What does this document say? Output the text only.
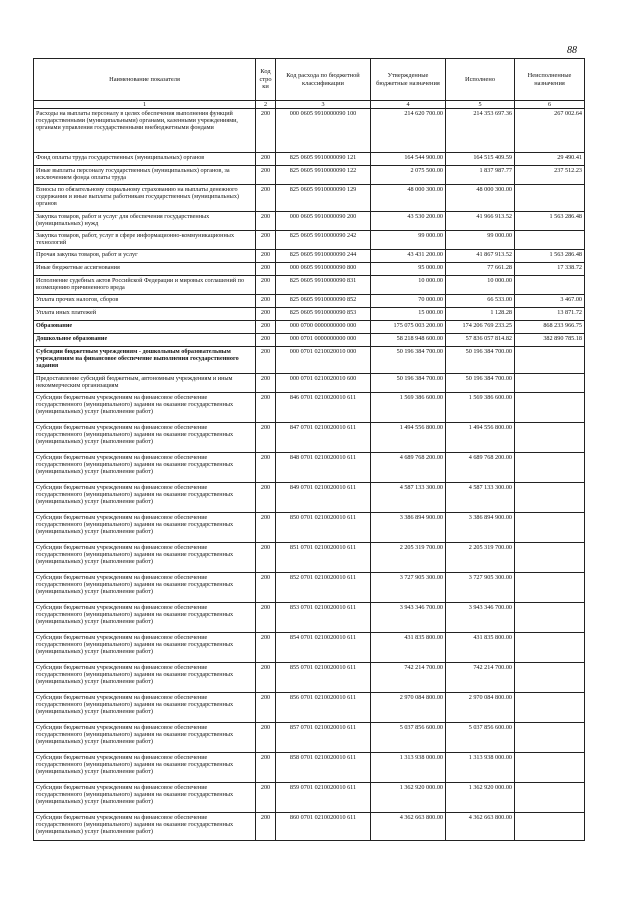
88
Наименование показателя	Код строки	Код расхода по бюджетной классификации	Утвержденные бюджетные назначения	Исполнено	Неисполненные назначения
1	2	3	4	5	6
Расходы на выплаты персоналу в целях обеспечения выполнения функций государственными (муниципальными) органами, казенными учреждениями, органами управления государственными внебюджетными фондами	200	000 0605 9910000090 100	214 620 700.00	214 353 697.36	267 002.64
Фонд оплаты труда государственных (муниципальных) органов	200	825 0605 9910000090 121	164 544 900.00	164 515 409.59	29 490.41
Иные выплаты персоналу государственных (муниципальных) органов, за исключением фонда оплаты труда	200	825 0605 9910000090 122	2 075 500.00	1 837 987.77	237 512.23
Взносы по обязательному социальному страхованию на выплаты денежного содержания и иные выплаты работникам государственных (муниципальных) органов	200	825 0605 9910000090 129	48 000 300.00	48 000 300.00	
Закупка товаров, работ и услуг для обеспечения государственных (муниципальных) нужд	200	000 0605 9910000090 200	43 530 200.00	41 966 913.52	1 563 286.48
Закупка товаров, работ, услуг в сфере информационно-коммуникационных технологий	200	825 0605 9910000090 242	99 000.00	99 000.00	
Прочая закупка товаров, работ и услуг	200	825 0605 9910000090 244	43 431 200.00	41 867 913.52	1 563 286.48
Иные бюджетные ассигнования	200	000 0605 9910000090 800	95 000.00	77 661.28	17 338.72
Исполнение судебных актов Российской Федерации и мировых соглашений по возмещению причиненного вреда	200	825 0605 9910000090 831	10 000.00	10 000.00	
Уплата прочих налогов, сборов	200	825 0605 9910000090 852	70 000.00	66 533.00	3 467.00
Уплата иных платежей	200	825 0605 9910000090 853	15 000.00	1 128.28	13 871.72
Образование	200	000 0700 0000000000 000	175 075 003 200.00	174 206 769 233.25	868 233 966.75
Дошкольное образование	200	000 0701 0000000000 000	58 218 948 600.00	57 836 057 814.82	382 890 785.18
Субсидии бюджетным учреждениям - дошкольным образовательным учреждениям на финансовое обеспечение выполнения государственного задания	200	000 0701 0210020010 000	50 196 384 700.00	50 196 384 700.00	
Предоставление субсидий бюджетным, автономным учреждениям и иным некоммерческим организациям	200	000 0701 0210020010 600	50 196 384 700.00	50 196 384 700.00	
Субсидии бюджетным учреждениям на финансовое обеспечение государственного (муниципального) задания на оказание государственных (муниципальных) услуг (выполнение работ)	200	846 0701 0210020010 611	1 569 386 600.00	1 569 386 600.00	
Субсидии бюджетным учреждениям на финансовое обеспечение государственного (муниципального) задания на оказание государственных (муниципальных) услуг (выполнение работ)	200	847 0701 0210020010 611	1 494 556 800.00	1 494 556 800.00	
Субсидии бюджетным учреждениям на финансовое обеспечение государственного (муниципального) задания на оказание государственных (муниципальных) услуг (выполнение работ)	200	848 0701 0210020010 611	4 689 768 200.00	4 689 768 200.00	
Субсидии бюджетным учреждениям на финансовое обеспечение государственного (муниципального) задания на оказание государственных (муниципальных) услуг (выполнение работ)	200	849 0701 0210020010 611	4 587 133 300.00	4 587 133 300.00	
Субсидии бюджетным учреждениям на финансовое обеспечение государственного (муниципального) задания на оказание государственных (муниципальных) услуг (выполнение работ)	200	850 0701 0210020010 611	3 386 894 900.00	3 386 894 900.00	
Субсидии бюджетным учреждениям на финансовое обеспечение государственного (муниципального) задания на оказание государственных (муниципальных) услуг (выполнение работ)	200	851 0701 0210020010 611	2 205 319 700.00	2 205 319 700.00	
Субсидии бюджетным учреждениям на финансовое обеспечение государственного (муниципального) задания на оказание государственных (муниципальных) услуг (выполнение работ)	200	852 0701 0210020010 611	3 727 905 300.00	3 727 905 300.00	
Субсидии бюджетным учреждениям на финансовое обеспечение государственного (муниципального) задания на оказание государственных (муниципальных) услуг (выполнение работ)	200	853 0701 0210020010 611	3 943 346 700.00	3 943 346 700.00	
Субсидии бюджетным учреждениям на финансовое обеспечение государственного (муниципального) задания на оказание государственных (муниципальных) услуг (выполнение работ)	200	854 0701 0210020010 611	431 835 800.00	431 835 800.00	
Субсидии бюджетным учреждениям на финансовое обеспечение государственного (муниципального) задания на оказание государственных (муниципальных) услуг (выполнение работ)	200	855 0701 0210020010 611	742 214 700.00	742 214 700.00	
Субсидии бюджетным учреждениям на финансовое обеспечение государственного (муниципального) задания на оказание государственных (муниципальных) услуг (выполнение работ)	200	856 0701 0210020010 611	2 970 084 800.00	2 970 084 800.00	
Субсидии бюджетным учреждениям на финансовое обеспечение государственного (муниципального) задания на оказание государственных (муниципальных) услуг (выполнение работ)	200	857 0701 0210020010 611	5 037 856 600.00	5 037 856 600.00	
Субсидии бюджетным учреждениям на финансовое обеспечение государственного (муниципального) задания на оказание государственных (муниципальных) услуг (выполнение работ)	200	858 0701 0210020010 611	1 313 938 000.00	1 313 938 000.00	
Субсидии бюджетным учреждениям на финансовое обеспечение государственного (муниципального) задания на оказание государственных (муниципальных) услуг (выполнение работ)	200	859 0701 0210020010 611	1 362 920 000.00	1 362 920 000.00	
Субсидии бюджетным учреждениям на финансовое обеспечение государственного (муниципального) задания на оказание государственных (муниципальных) услуг (выполнение работ)	200	860 0701 0210020010 611	4 362 663 800.00	4 362 663 800.00	
